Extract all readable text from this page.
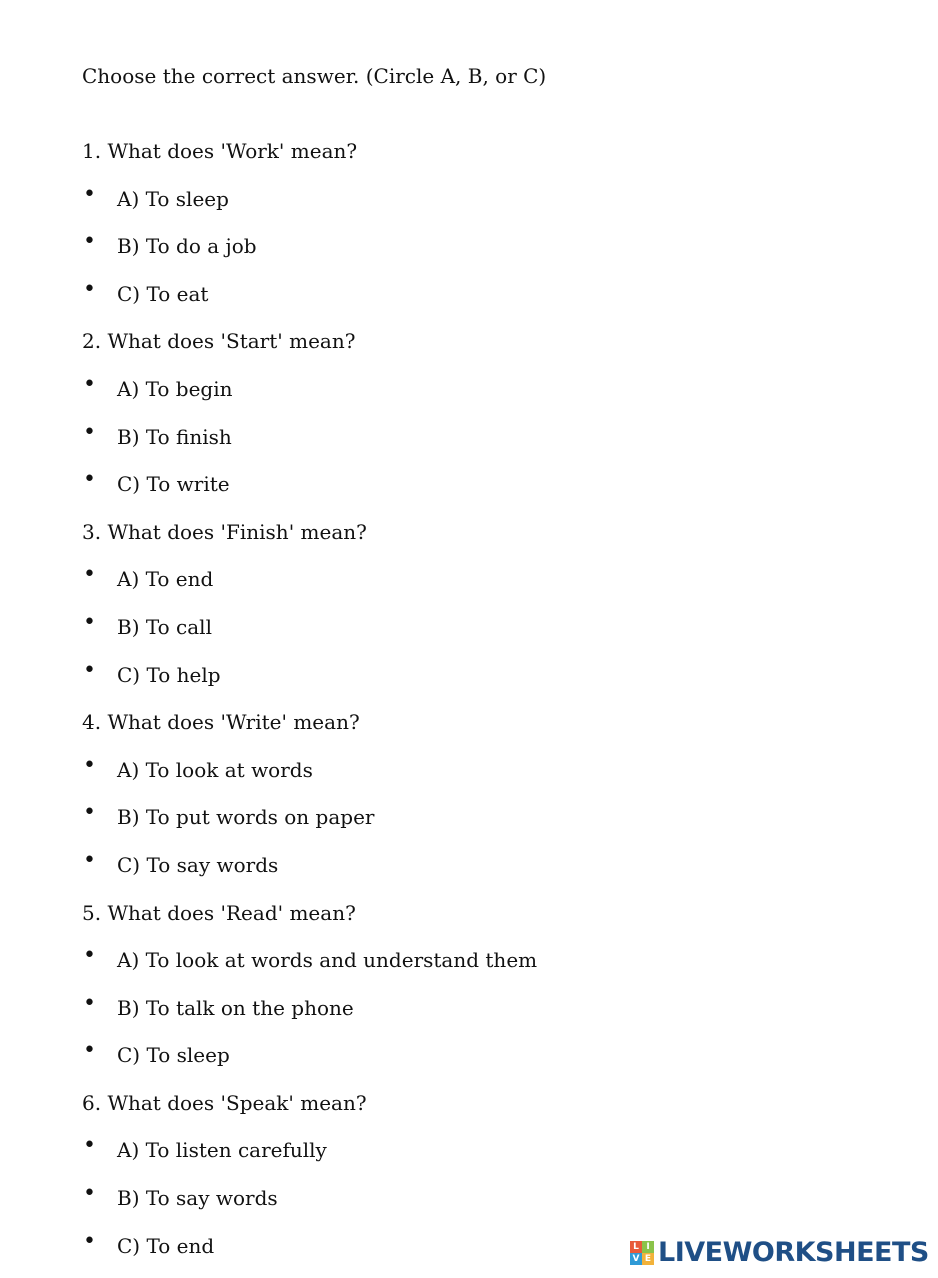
Choose the correct answer. (Circle A, B, or C)
1. What does 'Work' mean?
• A) To sleep
• B) To do a job
• C) To eat
2. What does 'Start' mean?
• A) To begin
• B) To finish
• C) To write
3. What does 'Finish' mean?
• A) To end
• B) To call
• C) To help
4. What does 'Write' mean?
• A) To look at words
• B) To put words on paper
• C) To say words
5. What does 'Read' mean?
• A) To look at words and understand them
• B) To talk on the phone
• C) To sleep
6. What does 'Speak' mean?
• A) To listen carefully
• B) To say words
• C) To end	L I
V E LIVEWORKSHEETS
